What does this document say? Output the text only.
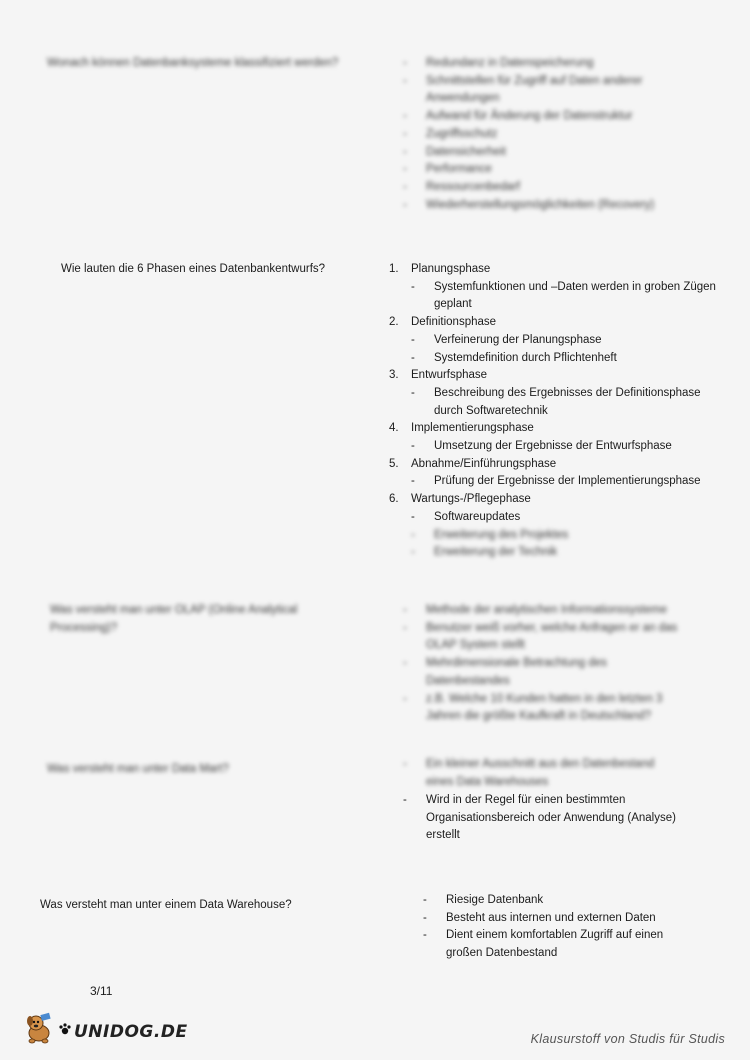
Wonach können Datenbanksysteme klassifiziert werden?	- Redundanz in Datenspeicherung
- Schnittstellen für Zugriff auf Daten anderer Anwendungen
- Aufwand für Änderung der Datenstruktur
- Zugriffsschutz
- Datensicherheit
- Performance
- Ressourcenbedarf
- Wiederherstellungsmöglichkeiten (Recovery)
Wie lauten die 6 Phasen eines Datenbankentwurfs?	1. Planungsphase
- Systemfunktionen und –Daten werden in groben Zügen geplant
2. Definitionsphase
- Verfeinerung der Planungsphase
- Systemdefinition durch Pflichtenheft
3. Entwurfsphase
- Beschreibung des Ergebnisses der Definitionsphase durch Softwaretechnik
4. Implementierungsphase
- Umsetzung der Ergebnisse der Entwurfsphase
5. Abnahme/Einführungsphase
- Prüfung der Ergebnisse der Implementierungsphase
6. Wartungs-/Pflegephase
- Softwareupdates
- Erweiterung des Projektes
- Erweiterung der Technik
Was versteht man unter OLAP (Online Analytical Processing)?
- Methode der analytischen Informationssysteme
- Benutzer weiß vorher, welche Anfragen er an das OLAP System stellt
- Mehrdimensionale Betrachtung des Datenbestandes
- z.B. Welche 10 Kunden hatten in den letzten 3 Jahren die größte Kaufkraft in Deutschland?
Was versteht man unter Data Mart?	- Ein kleiner Ausschnitt aus den Datenbestand eines Data Warehouses
- Wird in der Regel für einen bestimmten Organisationsbereich oder Anwendung (Analyse) erstellt
Was versteht man unter einem Data Warehouse?	- Riesige Datenbank
- Besteht aus internen und externen Daten
- Dient einem komfortablen Zugriff auf einen großen Datenbestand
3/11
UNIDOG.DE	Klausurstoff von Studis für Studis
